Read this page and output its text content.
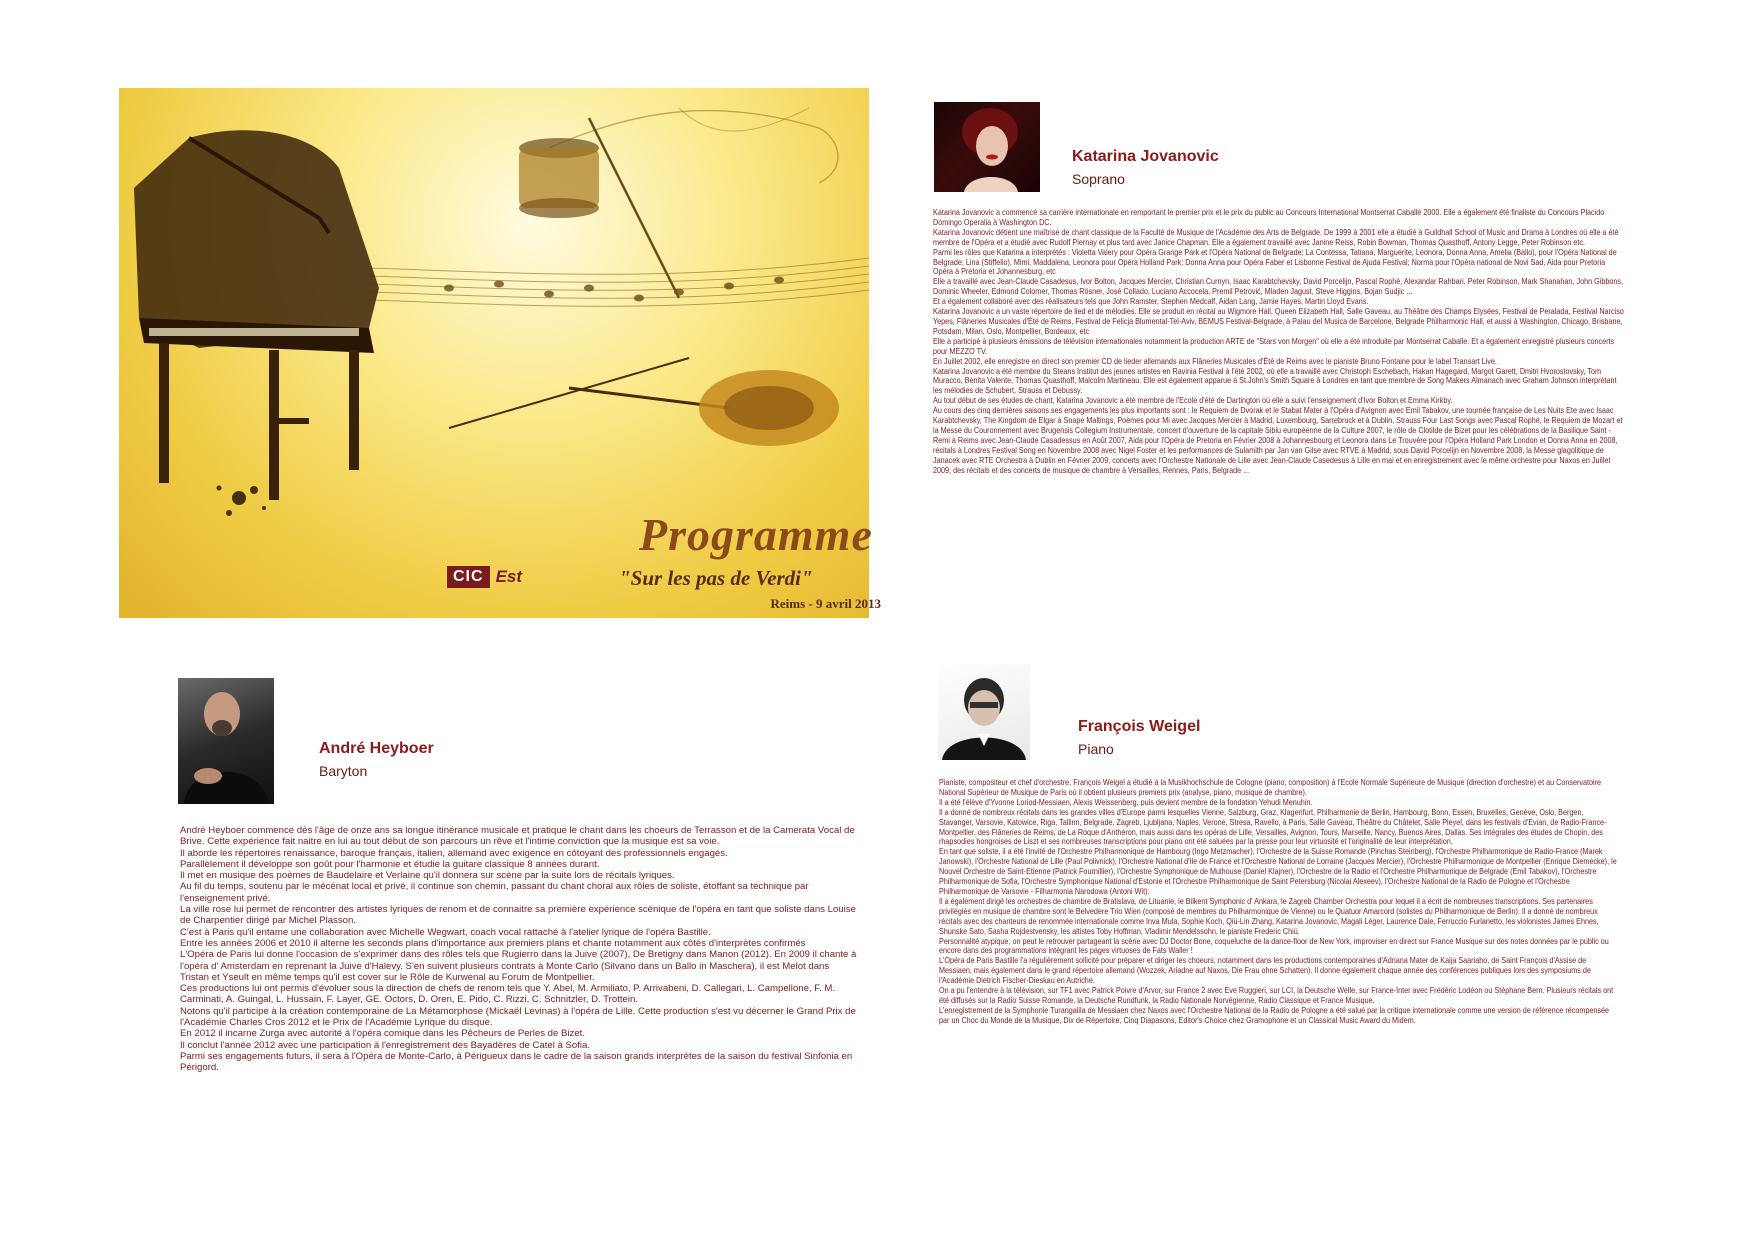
CIC Est
Programme
"Sur les pas de Verdi"
Reims - 9 avril 2013
Katarina Jovanovic
Soprano

Katarina Jovanovic a commencé sa carrière internationale en remportant le premier prix et le prix du public au Concours International Montserrat Caballé 2000. Elle a également été finaliste du Concours Placido Domingo Operalia à Washington DC.

Katarina Jovanovic détient une maîtrise de chant classique de la Faculté de Musique de l'Académie des Arts de Belgrade. De 1999 à 2001 elle a étudié à Guildhall School of Music and Drama à Londres où elle a été membre de l'Opéra et a étudié avec Rudolf Piernay et plus tard avec Janice Chapman. Elle a également travaillé avec Janine Reiss, Robin Bowman, Thomas Quasthoff, Antony Legge, Peter Robinson etc.

Parmi les rôles que Katarina a interprétés : Violetta Valery pour Opéra Grange Park et l'Opéra National de Belgrade; La Contessa, Tatiana, Marguerite, Leonora, Donna Anna, Amelia (Ballo), pour l'Opéra National de Belgrade; Lina (Stiffelio), Mimi, Maddalena, Leonora pour Opéra Holland Park; Donna Anna pour Opéra Faber et Lisbonne Festival de Ajuda Festival; Norma pour l'Opéra national de Novi Sad, Aida pour Pretoria Opéra à Pretoria et Johannesburg, etc

Elle a travaillé avec Jean-Claude Casadesus, Ivor Bolton, Jacques Mercier, Christian Curnyn, Isaac Karabtchevsky, David Porcelijn, Pascal Rophé, Alexandar Rahbari, Peter Robinson, Mark Shanahan, John Gibbons, Dominic Wheeler, Edmond Colomer, Thomas Rösner, José Collado, Luciano Accocela, Premil Petrović, Mladen Jagust, Steve Higgins, Bojan Sudjic ...

Et a également collaboré avec des réalisateurs tels que John Ramster, Stephen Medcalf, Aidan Lang, Jamie Hayes, Martin Lloyd Evans.

Katarina Jovanovic a un vaste répertoire de lied et de mélodies. Elle se produit en récital au Wigmore Hall, Queen Elizabeth Hall, Salle Gaveau, au Théâtre des Champs Elysées, Festival de Peralada, Festival Narciso Yepes, Flâneries Musicales d'Été de Reims, Festival de Felicja Blumental-Tel-Aviv, BEMUS Festival-Belgrade, à Palau del Musica de Barcelone, Belgrade Philharmonic Hall, et aussi à Washington, Chicago, Brisbane, Potsdam, Milan, Oslo, Montpellier, Bordeaux, etc

Elle a participé à plusieurs émissions de télévision internationales notamment la production ARTE de "Stars von Morgen" où elle a été introduite par Montserrat Caballe. Et a également enregistré plusieurs concerts pour MEZZO TV.

En Juillet 2002, elle enregistre en direct son premier CD de lieder allemands aux Flâneries Musicales d'Été de Reims avec le pianiste Bruno Fontaine pour le label Transart Live.

Katarina Jovanovic a été membre du Steans Institut des jeunes artistes en Ravinia Festival à l'été 2002, où elle a travaillé avec Christoph Eschebach, Hakan Hagegard, Margot Garett, Dmitri Hvorostovsky, Tom Muracco, Benita Valente, Thomas Quasthoff, Malcolm Martineau. Elle est également apparue à St.John's Smith Square à Londres en tant que membre de Song Makers Almanach avec Graham Johnson interprétant les mélodies de Schubert, Strauss et Debussy.

Au tout début de ses études de chant, Katarina Jovanovic a été membre de l'Ecole d'été de Dartington où elle a suivi l'enseignement d'Ivor Bolton et Emma Kirkby.

Au cours des cinq dernières saisons ses engagements les plus importants sont : le Requiem de Dvorak et le Stabat Mater à l'Opéra d'Avignon avec Emil Tabakov, une tournée française de Les Nuits Ete avec Isaac Karabtchevsky, The Kingdom de Elgar à Snape Maltings, Poèmes pour Mi avec Jacques Mercier à Madrid, Luxembourg, Sarrebruck et à Dublin, Strauss Four Last Songs avec Pascal Rophé, le Requiem de Mozart et la Messe du Couronnement avec Brugensis Collegium Instrumentale, concert d'ouverture de la capitale Sibiu européenne de la Culture 2007, le rôle de Clotilde de Bizet pour les célébrations de la Basilique Saint - Remi à Reims avec Jean-Claude Casadessus en Août 2007, Aida pour l'Opéra de Pretoria en Février 2008 à Johannesbourg et Leonora dans Le Trouvère pour l'Opéra Holland Park London et Donna Anna en 2008, récitals à Londres Festival Song en Novembre 2008 avec Nigel Foster et les performances de Sulamith par Jan van Gilse avec RTVE à Madrid, sous David Porcelijn en Novembre 2008, la Messe glagolitique de Janacek avec RTE Orchestra à Dublin en Février 2009, concerts avec l'Orchestre Nationale de Lille avec Jean-Claude Casedesus à Lille en mai et en enregistrement avec le même orchestre pour Naxos en Juillet 2009, des récitals et des concerts de musique de chambre à Versailles, Rennes, Paris, Belgrade ...

André Heyboer
Baryton

André Heyboer commence dès l'âge de onze ans sa longue itinérance musicale et pratique le chant dans les choeurs de Terrasson et de la Camerata Vocal de Brive. Cette expérience fait naitre en lui au tout début de son parcours un rêve et l'intime conviction que la musique est sa voie.

Il aborde les répertoires renaissance, baroque français, italien, allemand avec exigence en côtoyant des professionnels engagés.

Parallèlement il développe son goût pour l'harmonie et étudie la guitare classique 8 années durant.

Il met en musique des poèmes de Baudelaire et Verlaine qu'il donnera sur scène par la suite lors de récitals lyriques.

Au fil du temps, soutenu par le mécénat local et privé, il continue son chemin, passant du chant choral aux rôles de soliste, étoffant sa technique par l'enseignement privé.

La ville rose lui permet de rencontrer des artistes lyriques de renom et de connaitre sa première expérience scénique de l'opéra en tant que soliste dans Louise de Charpentier dirigé par Michel Plasson.

C'est à Paris qu'il entame une collaboration avec Michelle Wegwart, coach vocal rattaché à l'atelier lyrique de l'opéra Bastille.

Entre les années 2006 et 2010 il alterne les seconds plans d'importance aux premiers plans et chante notamment aux côtés d'interprètes confirmés

L'Opéra de Paris lui donne l'occasion de s'exprimer dans des rôles tels que Rugierro dans la Juive (2007), De Bretigny dans Manon (2012). En 2009 il chante à l'opéra d' Amsterdam en reprenant la Juive d'Halevy. S'en suivent plusieurs contrats à Monte Carlo (Silvano dans un Ballo in Maschera), il est Melot dans Tristan et Yseult en même temps qu'il est cover sur le Rôle de Kurwenal au Forum de Montpellier.

Ces productions lui ont permis d'évoluer sous la direction de chefs de renom tels que Y. Abel, M. Armiliato, P. Arrivabeni, D. Callegari, L. Campellone, F. M. Carminati, A. Guingal, L. Hussain, F. Layer, GE. Octors, D. Oren, E. Pido, C. Rizzi, C. Schnitzler, D. Trottein.

Notons qu'il participe à la création contemporaine de La Métamorphose (Mickaël Levinas) à l'opéra de Lille. Cette production s'est vu décerner le Grand Prix de l'Académie Charles Cros 2012 et le Prix de l'Académie Lyrique du disque.

En 2012 il incarne Zurga avec autorité à l'opéra comique dans les Pêcheurs de Perles de Bizet.

Il conclut l'année 2012 avec une participation à l'enregistrement des Bayadères de Catel à Sofia.

Parmi ses engagements futurs, il sera à l'Opéra de Monte-Carlo, à Périgueux dans le cadre de la saison grands interprètes de la saison du festival Sinfonia en Périgord.

François Weigel
Piano

Pianiste, compositeur et chef d'orchestre, François Weigel a étudié à la Musikhochschule de Cologne (piano, composition) à l'Ecole Normale Supérieure de Musique (direction d'orchestre) et au Conservatoire National Supérieur de Musique de Paris où il obtient plusieurs premiers prix (analyse, piano, musique de chambre).

Il a été l'élève d'Yvonne Loriod-Messiaen, Alexis Weissenberg, puis devient membre de la fondation Yehudi Menuhin.

Il a donné de nombreux récitals dans les grandes villes d'Europe parmi lesquelles Vienne, Salzburg, Graz, Klagenfurt, Philharmonie de Berlin, Hambourg, Bonn, Essen, Bruxelles, Genève, Oslo, Bergen, Stavanger, Varsovie, Katowice, Riga, Tallinn, Belgrade, Zagreb, Ljubljana, Naples, Verone, Stresa, Ravello, à Paris, Salle Gaveau, Théâtre du Châtelet, Salle Pleyel, dans les festivals d'Evian, de Radio-France-Montpellier, des Flâneries de Reims, de La Roque d'Anthéron, mais aussi dans les opéras de Lille, Versailles, Avignon, Tours, Marseille, Nancy, Buenos Aires, Dallas. Ses intégrales des études de Chopin, des rhapsodies hongroises de Liszt et ses nombreuses transcriptions pour piano ont été saluées par la presse pour leur virtuosité et l'originalité de leur interprétation.

En tant que soliste, il a été l'invité de l'Orchestre Philharmonique de Hambourg (Ingo Metzmacher), l'Orchestre de la Suisse Romande (Pinchas Steinberg), l'Orchestre Philharmonique de Radio-France (Marek Janowski), l'Orchestre National de Lille (Paul Polivnick), l'Orchestre National d'Ile de France et l'Orchestre National de Lorraine (Jacques Mercier), l'Orchestre Philharmonique de Montpellier (Enrique Diemecke), le Nouvel Orchestre de Saint-Etienne (Patrick Fournillier), l'Orchestre Symphonique de Mulhouse (Daniel Klajner), l'Orchestre de la Radio et l'Orchestre Philharmonique de Belgrade (Emil Tabakov), l'Orchestre Philharmonique de Sofia, l'Orchestre Symphonique National d'Estonie et l'Orchestre Philharmonique de Saint Petersburg (Nicolai Alexeev), l'Orchestre National de la Radio de Pologne et l'Orchestre Philharmonique de Varsovie - Filharmonia Narodowa (Antoni Wit).

Il a également dirigé les orchestres de chambre de Bratislava, de Lituanie, le Bilkent Symphonic d' Ankara, le Zagreb Chamber Orchestra pour lequel il a écrit de nombreuses transcriptions. Ses partenaires privilégiés en musique de chambre sont le Belvedere Trio Wien (composé de membres du Philharmonique de Vienne) ou le Quatuor Amarcord (solistes du Philharmonique de Berlin). Il a donné de nombreux récitals avec des chanteurs de renommée internationale comme Inva Mula, Sophie Koch, Qiü-Lin Zhang, Katarina Jovanovic, Magali Léger, Laurence Dale, Ferruccio Furlanetto, les violonistes James Ehnes, Shunske Sato, Sasha Rojdestvensky, les altistes Toby Hoffman, Vladimir Mendelssohn, le pianiste Frederic Chiü.

Personnalité atypique, on peut le retrouver partageant la scène avec DJ Doctor Bone, coqueluche de la dance-floor de New York, improviser en direct sur France Musique sur des notes données par le public ou encore dans des programmations intégrant les pages virtuoses de Fats Waller !

L'Opéra de Paris Bastille l'a régulièrement sollicité pour préparer et diriger les choeurs, notamment dans les productions contemporaines d'Adriana Mater de Kaija Saariaho, de Saint François d'Assise de Messiaen, mais également dans le grand répertoire allemand (Wozzek, Ariadne auf Naxos, Die Frau ohne Schatten). Il donne également chaque année des conférences publiques lors des symposiums de l'Académie Dietrich Fischer-Dieskau en Autriche.

On a pu l'entendre à la télévision, sur TF1 avec Patrick Poivre d'Arvor, sur France 2 avec Eve Ruggieri, sur LCI, la Deutsche Welle, sur France-Inter avec Frédéric Lodéon ou Stéphane Bern. Plusieurs récitals ont été diffusés sur la Radio Suisse Romande, la Deutsche Rundfunk, la Radio Nationale Norvégienne, Radio Classique et France Musique.

L'enregistrement de la Symphonie Turangalila de Messiaen chez Naxos avec l'Orchestre National de la Radio de Pologne a été salué par la critique internationale comme une version de référence récompensée par un Choc du Monde de la Musique, Dix de Répertoire, Cinq Diapasons, Editor's Choice chez Gramophone et un Classical Music Award du Midem.
